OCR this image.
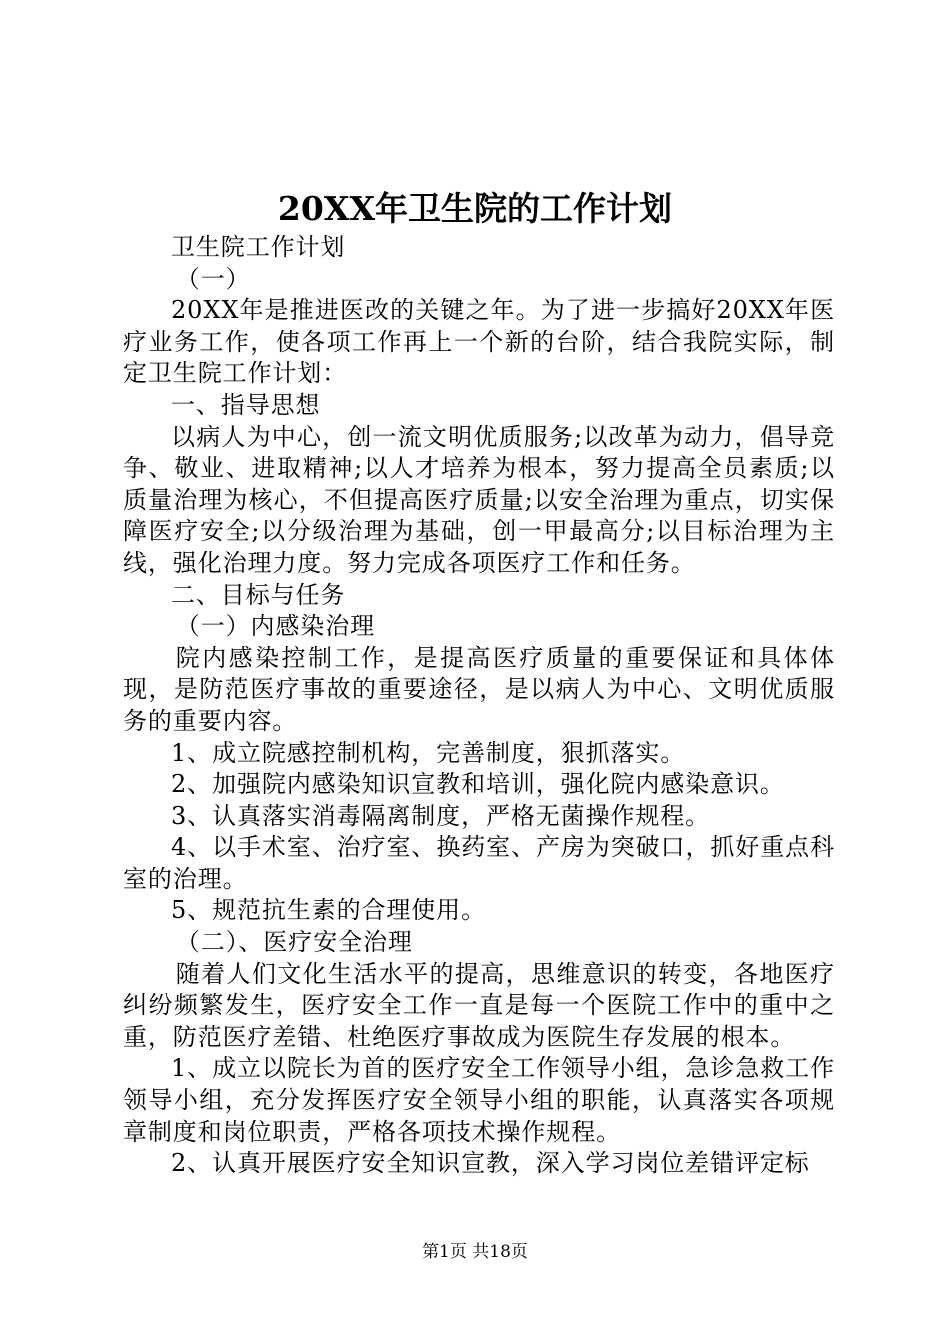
20XX年卫生院的工作计划

卫生院工作计划

（一）

20XX年是推进医改的关键之年。为了进一步搞好20XX年医疗业务工作，使各项工作再上一个新的台阶，结合我院实际，制定卫生院工作计划：

一、指导思想

以病人为中心，创一流文明优质服务;以改革为动力，倡导竞争、敬业、进取精神;以人才培养为根本，努力提高全员素质;以质量治理为核心，不但提高医疗质量;以安全治理为重点，切实保障医疗安全;以分级治理为基础，创一甲最高分;以目标治理为主线，强化治理力度。努力完成各项医疗工作和任务。

二、目标与任务

（一）内感染治理

院内感染控制工作，是提高医疗质量的重要保证和具体体现，是防范医疗事故的重要途径，是以病人为中心、文明优质服务的重要内容。

1、成立院感控制机构，完善制度，狠抓落实。

2、加强院内感染知识宣教和培训，强化院内感染意识。

3、认真落实消毒隔离制度，严格无菌操作规程。

4、以手术室、治疗室、换药室、产房为突破口，抓好重点科室的治理。

5、规范抗生素的合理使用。

（二）、医疗安全治理

随着人们文化生活水平的提高，思维意识的转变，各地医疗纠纷频繁发生，医疗安全工作一直是每一个医院工作中的重中之重，防范医疗差错、杜绝医疗事故成为医院生存发展的根本。

1、成立以院长为首的医疗安全工作领导小组，急诊急救工作领导小组，充分发挥医疗安全领导小组的职能，认真落实各项规章制度和岗位职责，严格各项技术操作规程。

2、认真开展医疗安全知识宣教，深入学习岗位差错评定标

第1页 共18页
